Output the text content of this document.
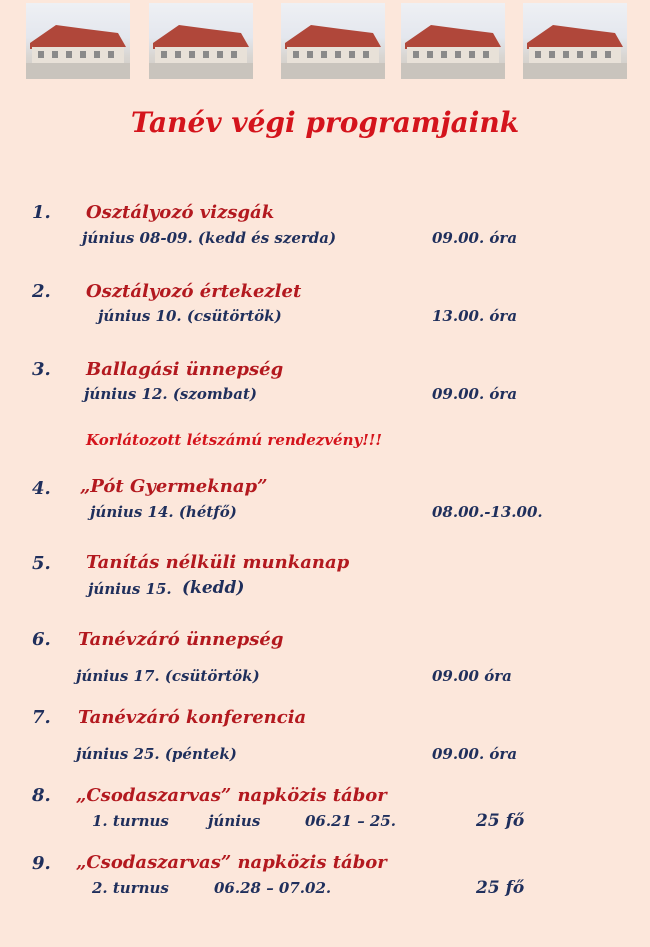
Tanév végi programjaink
1. Osztályozó vizsgák
június 08-09. (kedd és szerda)	09.00. óra
2. Osztályozó értekezlet
június 10. (csütörtök)	13.00. óra
3. Ballagási ünnepség
június 12. (szombat)	09.00. óra
Korlátozott létszámú rendezvény!!!
4. „Pót Gyermeknap”
június 14. (hétfő)	08.00.-13.00.
5. Tanítás nélküli munkanap
június 15. (kedd)
6. Tanévzáró ünnepség
június 17. (csütörtök)	09.00 óra
7. Tanévzáró konferencia
június 25. (péntek)	09.00. óra
8. „Csodaszarvas” napközis tábor
1. turnus	június	06.21 – 25.	25 fő
9. „Csodaszarvas” napközis tábor
2. turnus	06.28 – 07.02.	25 fő
